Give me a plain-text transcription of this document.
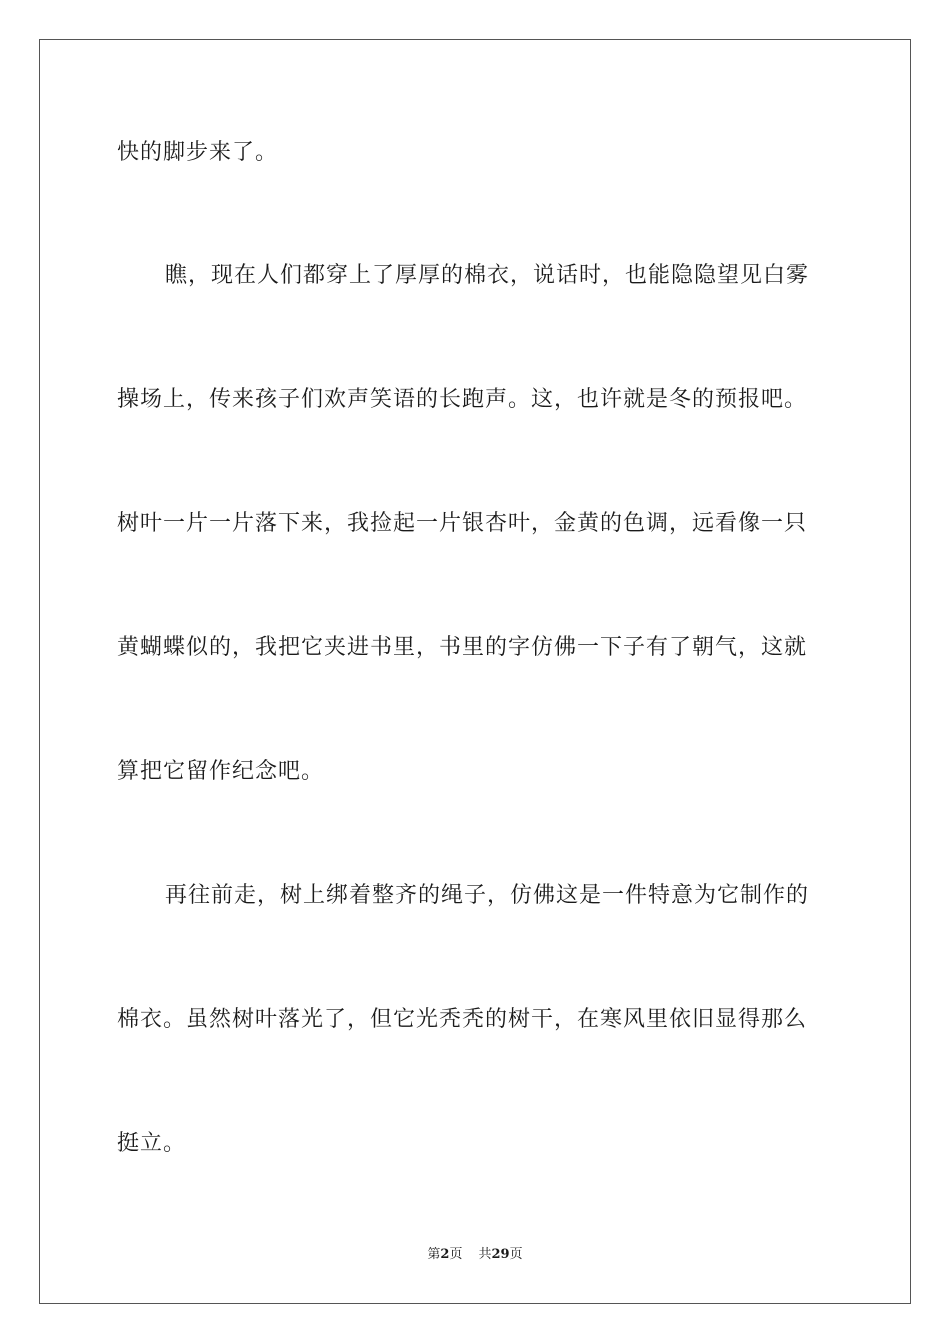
快的脚步来了。
瞧，现在人们都穿上了厚厚的棉衣，说话时，也能隐隐望见白雾
操场上，传来孩子们欢声笑语的长跑声。这，也许就是冬的预报吧。
树叶一片一片落下来，我捡起一片银杏叶，金黄的色调，远看像一只
黄蝴蝶似的，我把它夹进书里，书里的字仿佛一下子有了朝气，这就
算把它留作纪念吧。
再往前走，树上绑着整齐的绳子，仿佛这是一件特意为它制作的
棉衣。虽然树叶落光了，但它光秃秃的树干，在寒风里依旧显得那么
挺立。
第2页 共29页
